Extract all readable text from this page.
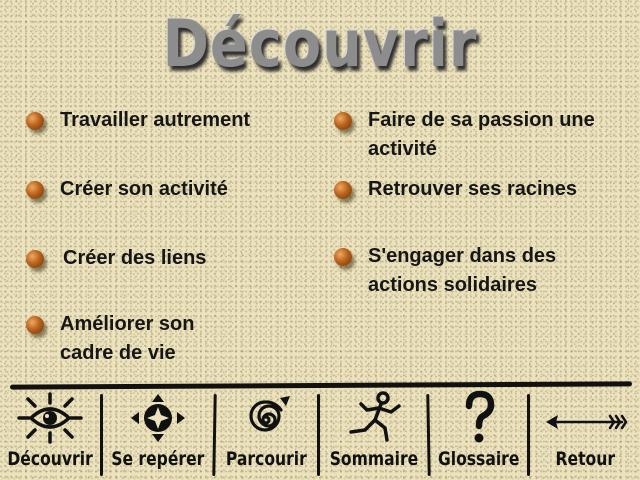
Découvrir
Travailler autrement
Créer son activité
Créer des liens
Améliorer son cadre de vie
Faire de sa passion une activité
Retrouver ses racines
S'engager dans des actions solidaires
Découvrir Se repérer Parcourir Sommaire Glossaire Retour
